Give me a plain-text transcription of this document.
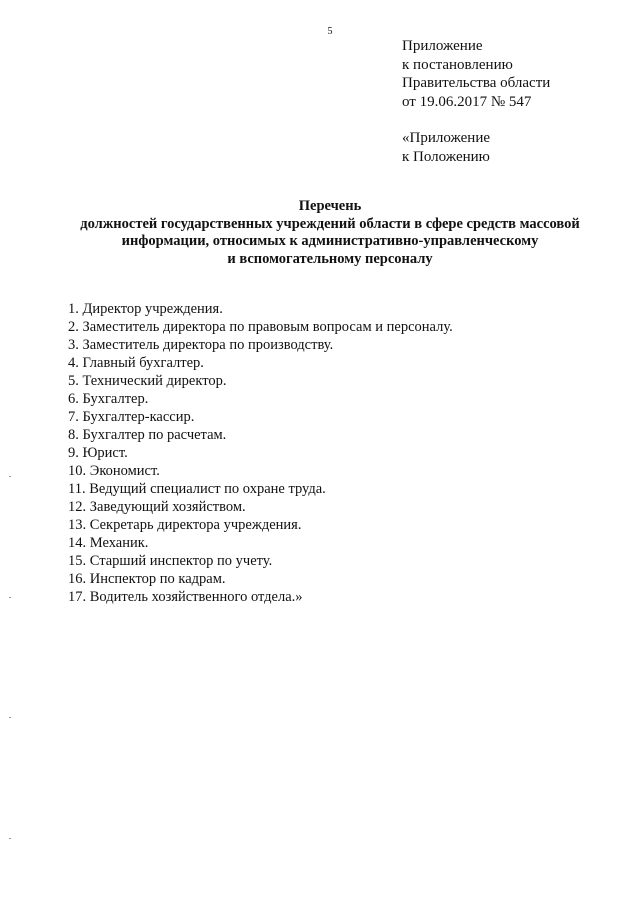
5
Приложение
к постановлению
Правительства области
от 19.06.2017 № 547
«Приложение
к Положению
Перечень
должностей государственных учреждений области в сфере средств массовой
информации, относимых к административно-управленческому
и вспомогательному персоналу
1. Директор учреждения.
2. Заместитель директора по правовым вопросам и персоналу.
3. Заместитель директора по производству.
4. Главный бухгалтер.
5. Технический директор.
6. Бухгалтер.
7. Бухгалтер-кассир.
8. Бухгалтер по расчетам.
9. Юрист.
10. Экономист.
11. Ведущий специалист по охране труда.
12. Заведующий хозяйством.
13. Секретарь директора учреждения.
14. Механик.
15. Старший инспектор по учету.
16. Инспектор по кадрам.
17. Водитель хозяйственного отдела.»
